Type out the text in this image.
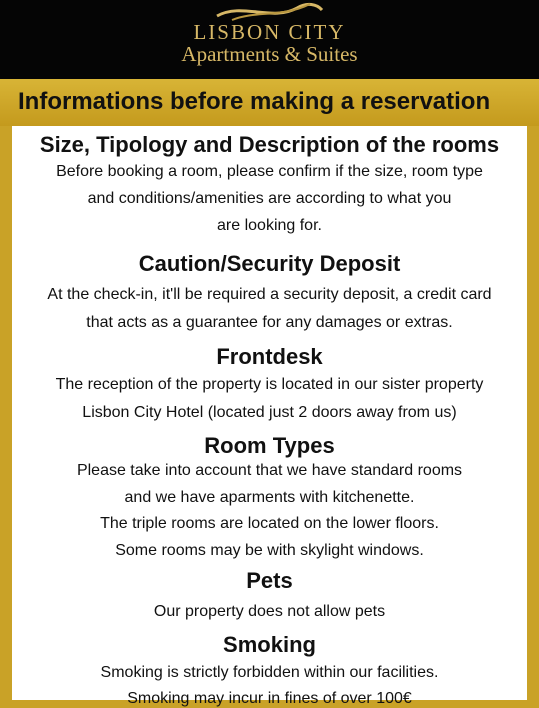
LISBON CITY
Apartments & Suites
Informations before making a reservation
Size, Tipology and Description of the rooms
Before booking a room, please confirm if the size, room type
and conditions/amenities are according to what you
are looking for.
Caution/Security Deposit
At the check-in, it'll be required a security deposit, a credit card
that acts as a guarantee for any damages or extras.
Frontdesk
The reception of the property is located in our sister property
Lisbon City Hotel (located just 2 doors away from us)
Room Types
Please take into account that we have standard rooms
and we have aparments with kitchenette.
The triple rooms are located on the lower floors.
Some rooms may be with skylight windows.
Pets
Our property does not allow pets
Smoking
Smoking is strictly forbidden within our facilities.
Smoking may incur in fines of over 100€
